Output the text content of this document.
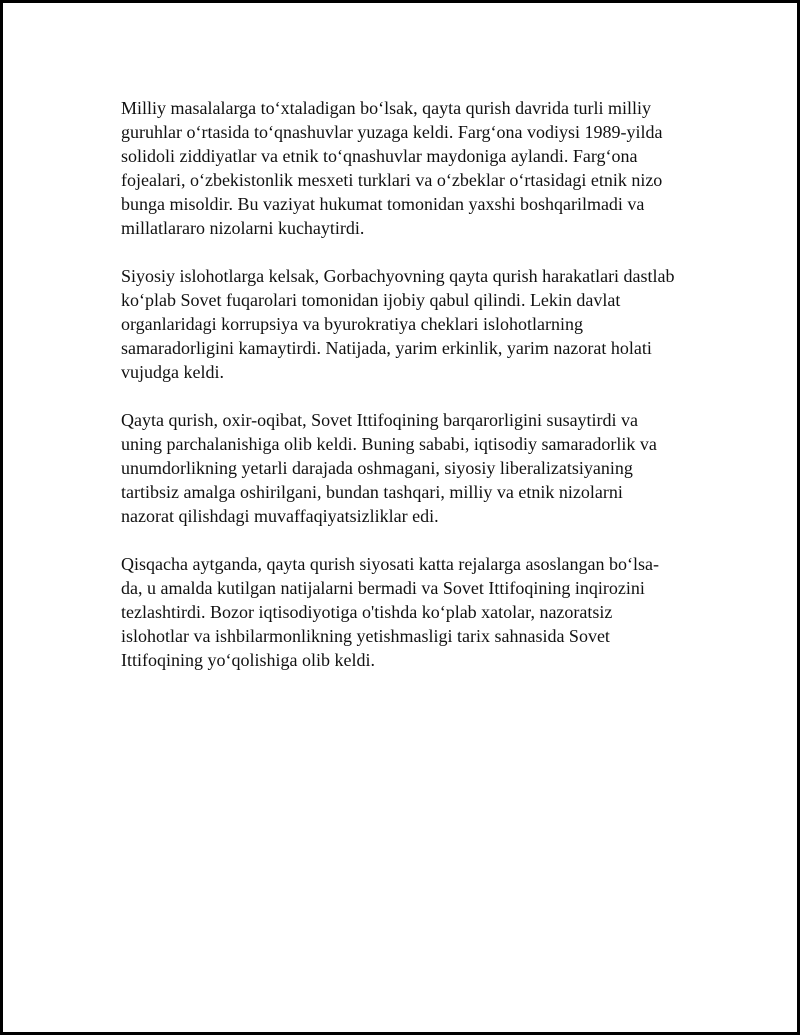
Milliy masalalarga to‘xtaladigan bo‘lsak, qayta qurish davrida turli milliy
guruhlar o‘rtasida to‘qnashuvlar yuzaga keldi. Farg‘ona vodiysi 1989-yilda
solidoli ziddiyatlar va etnik to‘qnashuvlar maydoniga aylandi. Farg‘ona
fojealari, o‘zbekistonlik mesxeti turklari va o‘zbeklar o‘rtasidagi etnik nizo
bunga misoldir. Bu vaziyat hukumat tomonidan yaxshi boshqarilmadi va
millatlararo nizolarni kuchaytirdi.

Siyosiy islohotlarga kelsak, Gorbachyovning qayta qurish harakatlari dastlab
ko‘plab Sovet fuqarolari tomonidan ijobiy qabul qilindi. Lekin davlat
organlaridagi korrupsiya va byurokratiya cheklari islohotlarning
samaradorligini kamaytirdi. Natijada, yarim erkinlik, yarim nazorat holati
vujudga keldi.

Qayta qurish, oxir-oqibat, Sovet Ittifoqining barqarorligini susaytirdi va
uning parchalanishiga olib keldi. Buning sababi, iqtisodiy samaradorlik va
unumdorlikning yetarli darajada oshmagani, siyosiy liberalizatsiyaning
tartibsiz amalga oshirilgani, bundan tashqari, milliy va etnik nizolarni
nazorat qilishdagi muvaffaqiyatsizliklar edi.

Qisqacha aytganda, qayta qurish siyosati katta rejalarga asoslangan bo‘lsa-
da, u amalda kutilgan natijalarni bermadi va Sovet Ittifoqining inqirozini
tezlashtirdi. Bozor iqtisodiyotiga o'tishda ko‘plab xatolar, nazoratsiz
islohotlar va ishbilarmonlikning yetishmasligi tarix sahnasida Sovet
Ittifoqining yo‘qolishiga olib keldi.
